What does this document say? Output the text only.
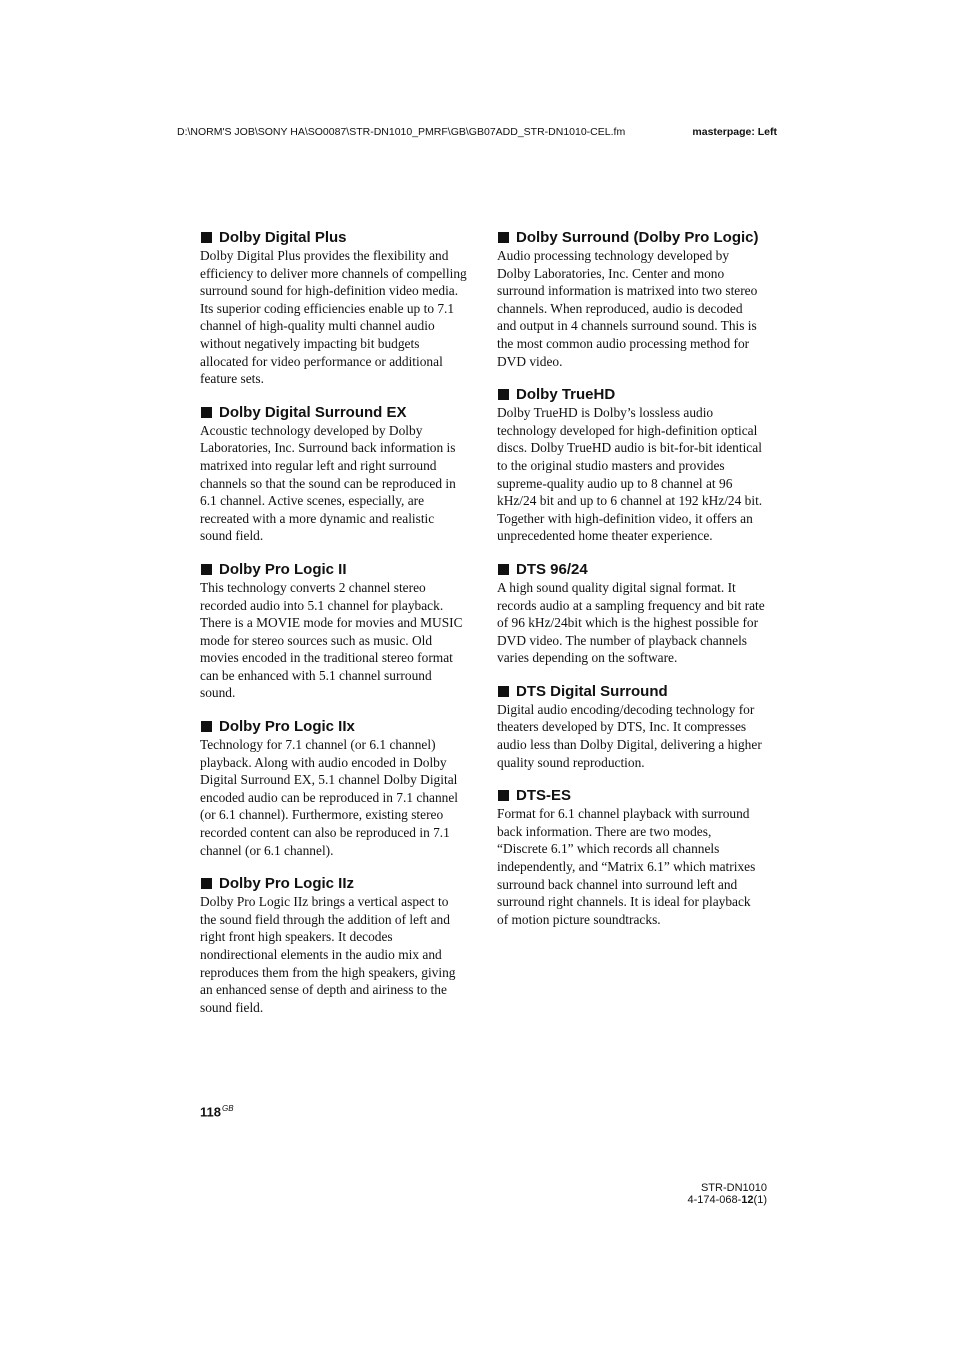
D:\NORM'S JOB\SONY HA\SO0087\STR-DN1010_PMRF\GB\GB07ADD_STR-DN1010-CEL.fm	masterpage: Left
Dolby Digital Plus

Dolby Digital Plus provides the flexibility and efficiency to deliver more channels of compelling surround sound for high-definition video media. Its superior coding efficiencies enable up to 7.1 channel of high-quality multi channel audio without negatively impacting bit budgets allocated for video performance or additional feature sets.

Dolby Digital Surround EX

Acoustic technology developed by Dolby Laboratories, Inc. Surround back information is matrixed into regular left and right surround channels so that the sound can be reproduced in 6.1 channel. Active scenes, especially, are recreated with a more dynamic and realistic sound field.

Dolby Pro Logic II

This technology converts 2 channel stereo recorded audio into 5.1 channel for playback. There is a MOVIE mode for movies and MUSIC mode for stereo sources such as music. Old movies encoded in the traditional stereo format can be enhanced with 5.1 channel surround sound.

Dolby Pro Logic IIx

Technology for 7.1 channel (or 6.1 channel) playback. Along with audio encoded in Dolby Digital Surround EX, 5.1 channel Dolby Digital encoded audio can be reproduced in 7.1 channel (or 6.1 channel). Furthermore, existing stereo recorded content can also be reproduced in 7.1 channel (or 6.1 channel).

Dolby Pro Logic IIz

Dolby Pro Logic IIz brings a vertical aspect to the sound field through the addition of left and right front high speakers. It decodes nondirectional elements in the audio mix and reproduces them from the high speakers, giving an enhanced sense of depth and airiness to the sound field.

Dolby Surround (Dolby Pro Logic)

Audio processing technology developed by Dolby Laboratories, Inc. Center and mono surround information is matrixed into two stereo channels. When reproduced, audio is decoded and output in 4 channels surround sound. This is the most common audio processing method for DVD video.

Dolby TrueHD

Dolby TrueHD is Dolby’s lossless audio technology developed for high-definition optical discs. Dolby TrueHD audio is bit-for-bit identical to the original studio masters and provides supreme-quality audio up to 8 channel at 96 kHz/24 bit and up to 6 channel at 192 kHz/24 bit. Together with high-definition video, it offers an unprecedented home theater experience.

DTS 96/24

A high sound quality digital signal format. It records audio at a sampling frequency and bit rate of 96 kHz/24bit which is the highest possible for DVD video. The number of playback channels varies depending on the software.

DTS Digital Surround

Digital audio encoding/decoding technology for theaters developed by DTS, Inc. It compresses audio less than Dolby Digital, delivering a higher quality sound reproduction.

DTS-ES

Format for 6.1 channel playback with surround back information. There are two modes, “Discrete 6.1” which records all channels independently, and “Matrix 6.1” which matrixes surround back channel into surround left and surround right channels. It is ideal for playback of motion picture soundtracks.

$118^{GB}$
STR-DN1010
4-174-068-12(1)
